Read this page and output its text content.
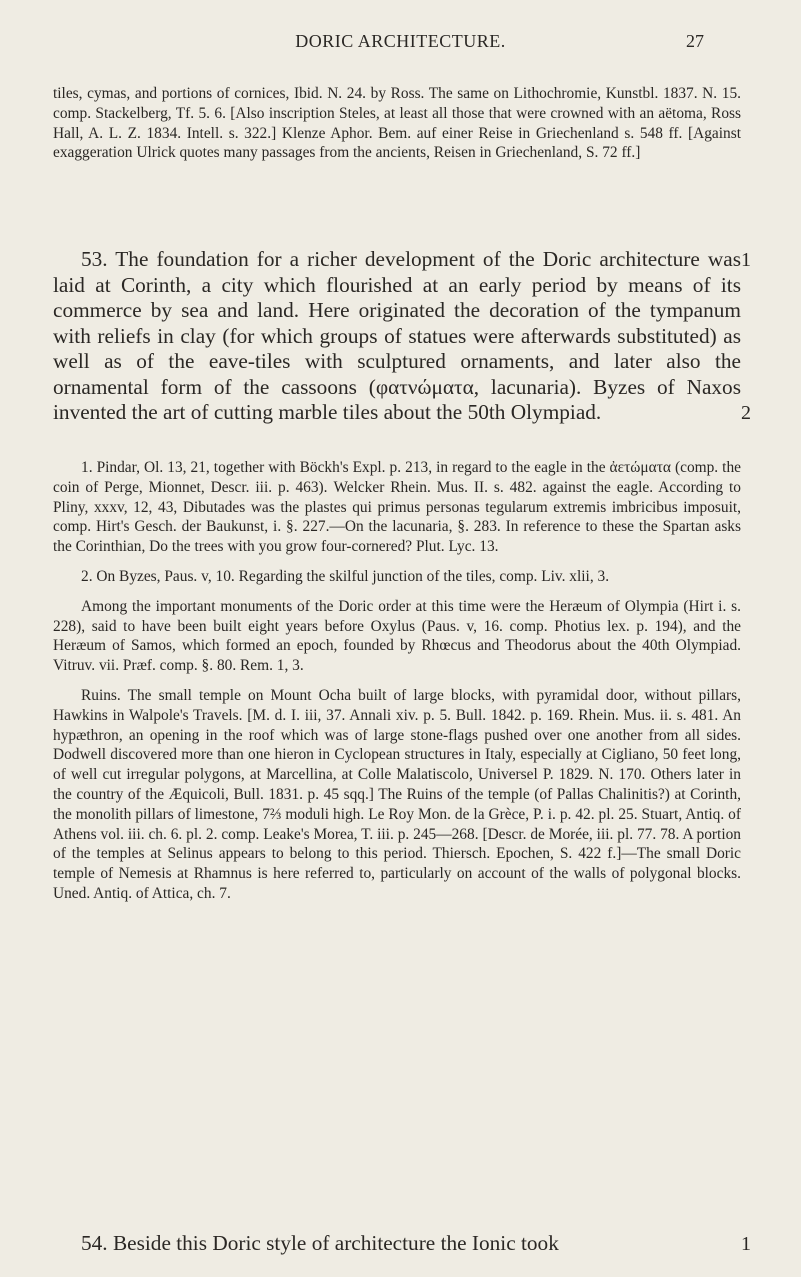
DORIC ARCHITECTURE.	27

tiles, cymas, and portions of cornices, Ibid. N. 24. by Ross. The same on Lithochromie, Kunstbl. 1837. N. 15. comp. Stackelberg, Tf. 5. 6. [Also inscription Steles, at least all those that were crowned with an aëtoma, Ross Hall, A. L. Z. 1834. Intell. s. 322.] Klenze Aphor. Bem. auf einer Reise in Griechenland s. 548 ff. [Against exaggeration Ulrick quotes many passages from the ancients, Reisen in Griechenland, S. 72 ff.]

53. The foundation for a richer development of the Doric architecture was laid at Corinth, a city which flourished at an early period by means of its commerce by sea and land. Here originated the decoration of the tympanum with reliefs in clay (for which groups of statues were afterwards substituted) as well as of the eave-tiles with sculptured ornaments, and later also the ornamental form of the cassoons (φατνώματα, lacunaria). Byzes of Naxos invented the art of cutting marble tiles about the 50th Olympiad.

1
2

1. Pindar, Ol. 13, 21, together with Böckh's Expl. p. 213, in regard to the eagle in the ἀετώματα (comp. the coin of Perge, Mionnet, Descr. iii. p. 463). Welcker Rhein. Mus. II. s. 482. against the eagle. According to Pliny, xxxv, 12, 43, Dibutades was the plastes qui primus personas tegularum extremis imbricibus imposuit, comp. Hirt's Gesch. der Baukunst, i. §. 227.—On the lacunaria, §. 283. In reference to these the Spartan asks the Corinthian, Do the trees with you grow four-cornered? Plut. Lyc. 13.

2. On Byzes, Paus. v, 10. Regarding the skilful junction of the tiles, comp. Liv. xlii, 3.

Among the important monuments of the Doric order at this time were the Heræum of Olympia (Hirt i. s. 228), said to have been built eight years before Oxylus (Paus. v, 16. comp. Photius lex. p. 194), and the Heræum of Samos, which formed an epoch, founded by Rhœcus and Theodorus about the 40th Olympiad. Vitruv. vii. Præf. comp. §. 80. Rem. 1, 3.

Ruins. The small temple on Mount Ocha built of large blocks, with pyramidal door, without pillars, Hawkins in Walpole's Travels. [M. d. I. iii, 37. Annali xiv. p. 5. Bull. 1842. p. 169. Rhein. Mus. ii. s. 481. An hypæthron, an opening in the roof which was of large stone-flags pushed over one another from all sides. Dodwell discovered more than one hieron in Cyclopean structures in Italy, especially at Cigliano, 50 feet long, of well cut irregular polygons, at Marcellina, at Colle Malatiscolo, Universel P. 1829. N. 170. Others later in the country of the Æquicoli, Bull. 1831. p. 45 sqq.] The Ruins of the temple (of Pallas Chalinitis?) at Corinth, the monolith pillars of limestone, 7⅔ moduli high. Le Roy Mon. de la Grèce, P. i. p. 42. pl. 25. Stuart, Antiq. of Athens vol. iii. ch. 6. pl. 2. comp. Leake's Morea, T. iii. p. 245—268. [Descr. de Morée, iii. pl. 77. 78. A portion of the temples at Selinus appears to belong to this period. Thiersch. Epochen, S. 422 f.]—The small Doric temple of Nemesis at Rhamnus is here referred to, particularly on account of the walls of polygonal blocks. Uned. Antiq. of Attica, ch. 7.

54. Beside this Doric style of architecture the Ionic took	1
